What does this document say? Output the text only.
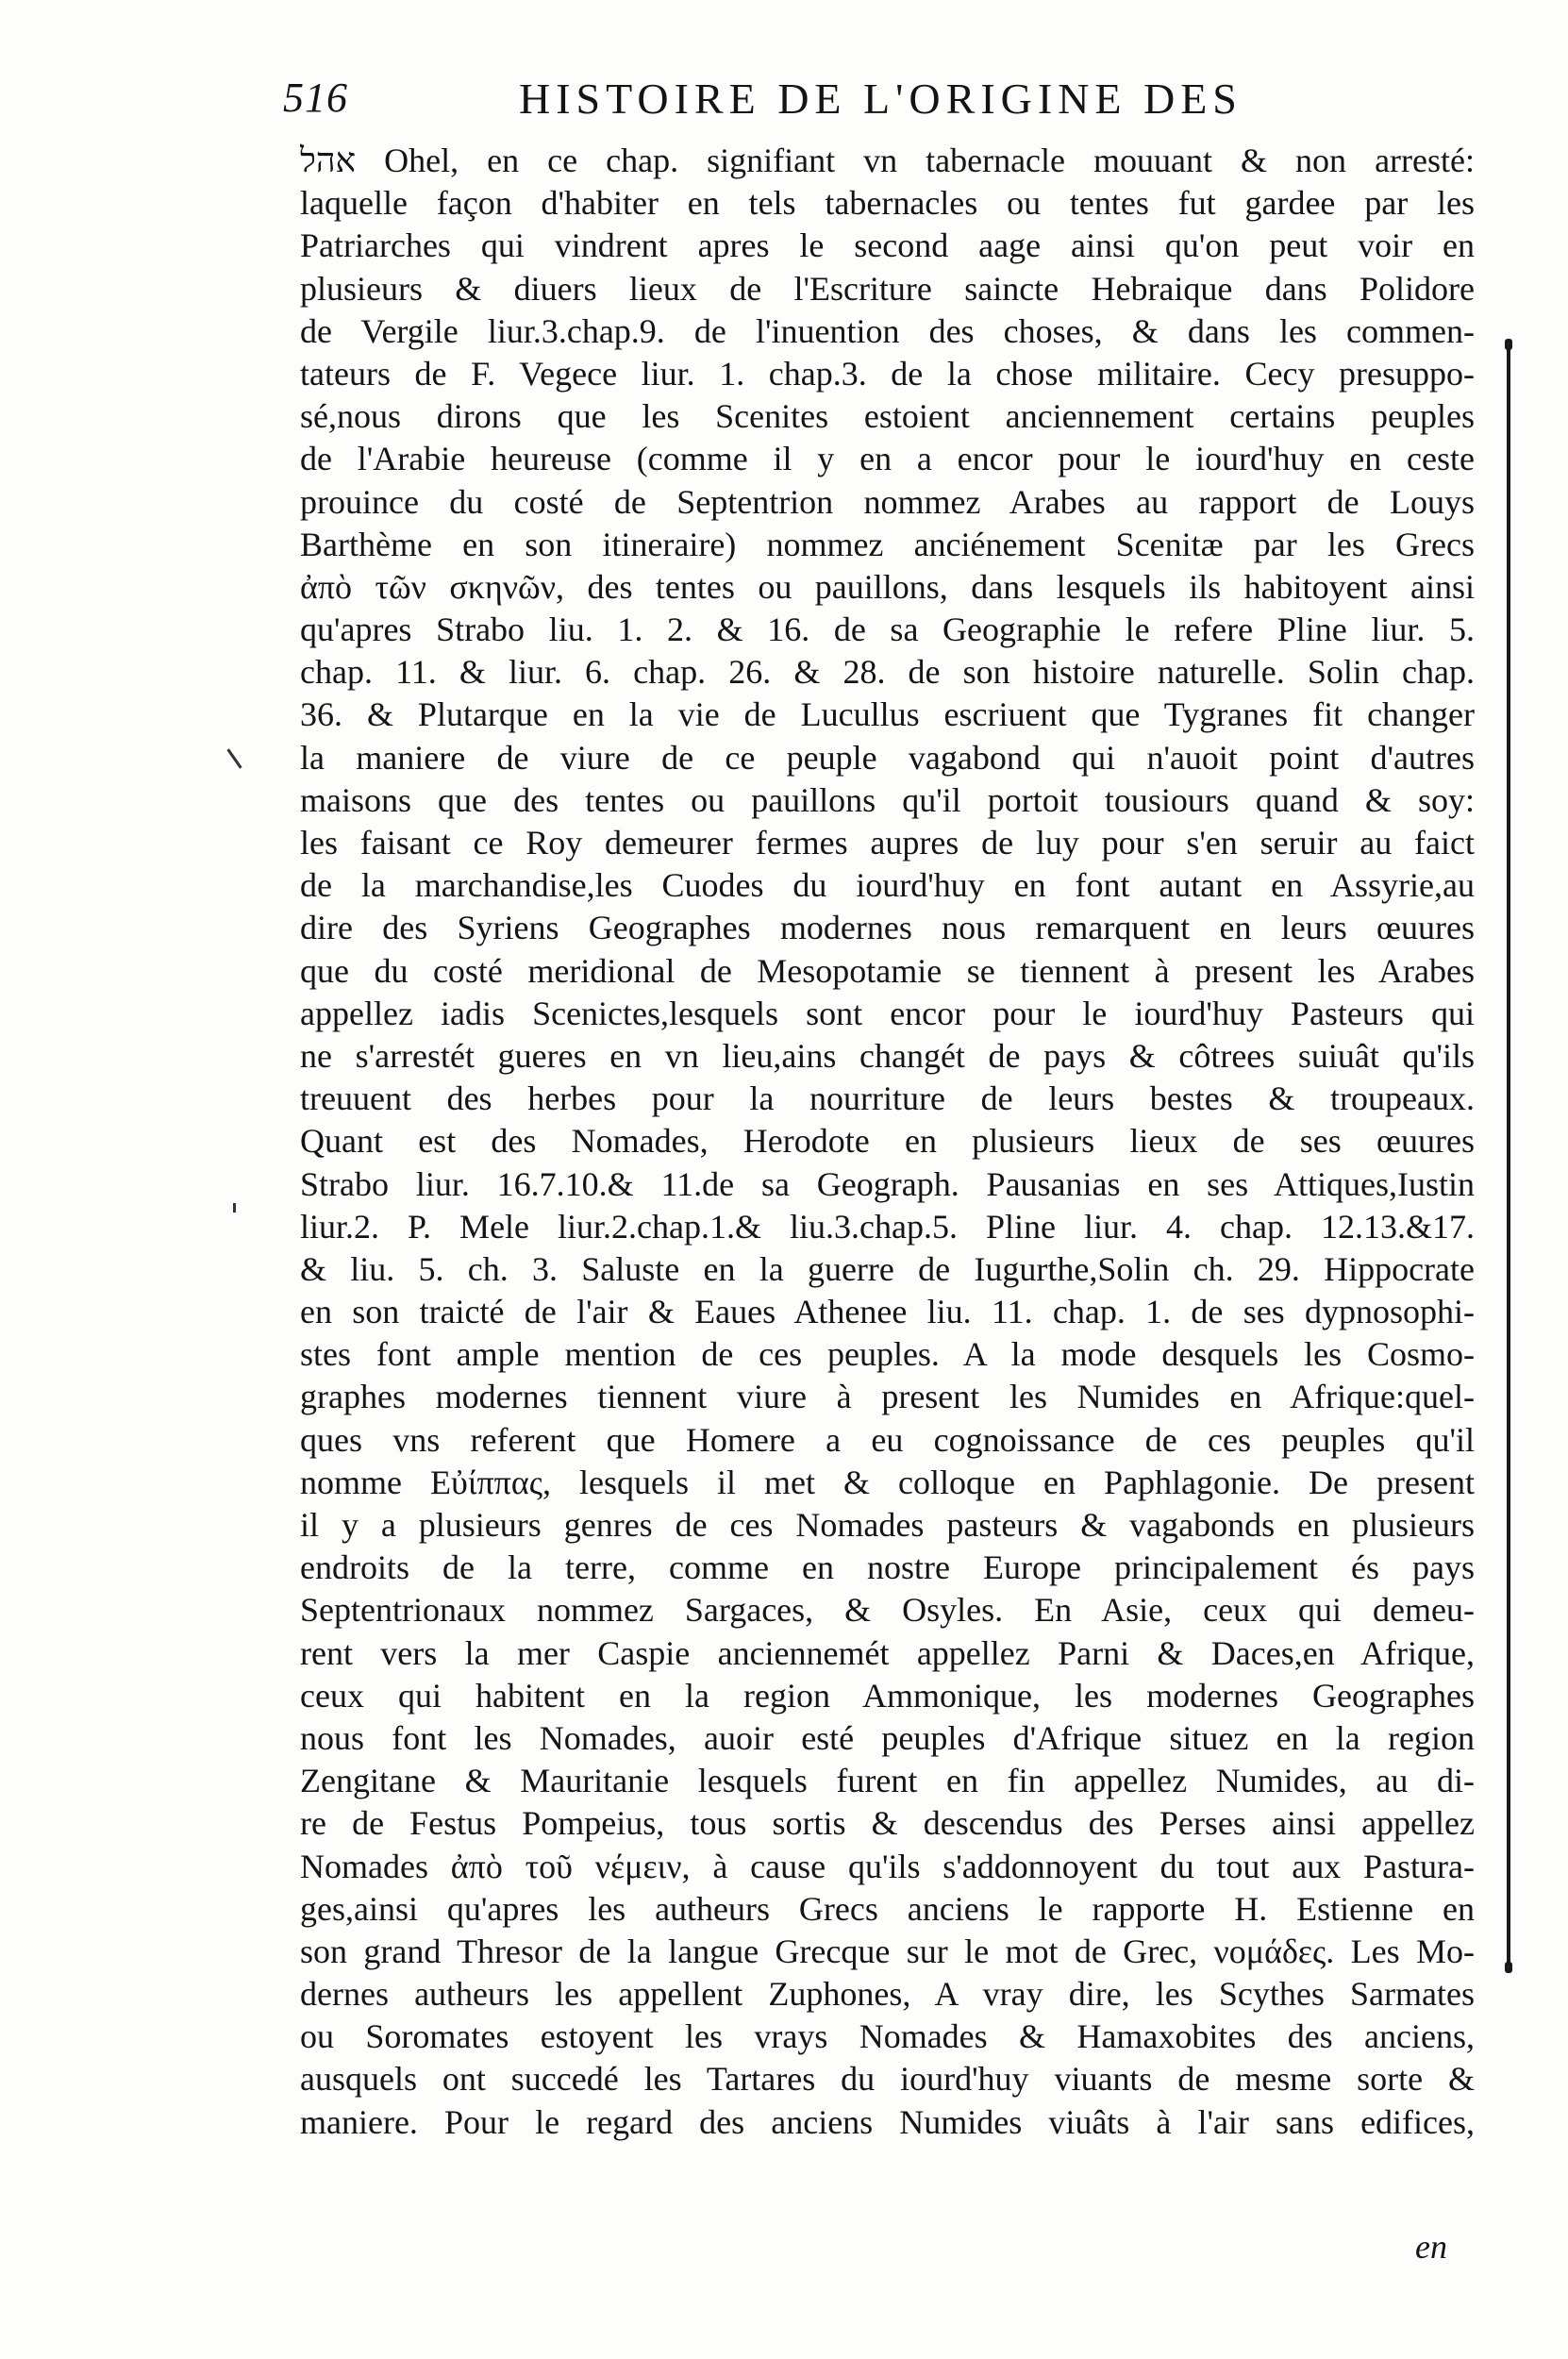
516	HISTOIRE DE L'ORIGINE DES
אהל Ohel, en ce chap. signifiant vn tabernacle mouuant & non arresté:
laquelle façon d'habiter en tels tabernacles ou tentes fut gardee par les
Patriarches qui vindrent apres le second aage ainsi qu'on peut voir en
plusieurs & diuers lieux de l'Escriture saincte Hebraique dans Polidore
de Vergile liur.3.chap.9. de l'inuention des choses, & dans les commen-
tateurs de F. Vegece liur. 1. chap.3. de la chose militaire. Cecy presuppo-
sé,nous dirons que les Scenites estoient anciennement certains peuples
de l'Arabie heureuse (comme il y en a encor pour le iourd'huy en ceste
prouince du costé de Septentrion nommez Arabes au rapport de Louys
Barthème en son itineraire) nommez anciénement Scenitæ par les Grecs
ἀπὸ τῶν σκηνῶν, des tentes ou pauillons, dans lesquels ils habitoyent ainsi
qu'apres Strabo liu. 1. 2. & 16. de sa Geographie le refere Pline liur. 5.
chap. 11. & liur. 6. chap. 26. & 28. de son histoire naturelle. Solin chap.
36. & Plutarque en la vie de Lucullus escriuent que Tygranes fit changer
la maniere de viure de ce peuple vagabond qui n'auoit point d'autres
maisons que des tentes ou pauillons qu'il portoit tousiours quand & soy:
les faisant ce Roy demeurer fermes aupres de luy pour s'en seruir au faict
de la marchandise,les Cuodes du iourd'huy en font autant en Assyrie,au
dire des Syriens Geographes modernes nous remarquent en leurs œuures
que du costé meridional de Mesopotamie se tiennent à present les Arabes
appellez iadis Scenictes,lesquels sont encor pour le iourd'huy Pasteurs qui
ne s'arrestét gueres en vn lieu,ains changét de pays & côtrees suiuât qu'ils
treuuent des herbes pour la nourriture de leurs bestes & troupeaux.
Quant est des Nomades, Herodote en plusieurs lieux de ses œuures
Strabo liur. 16.7.10.& 11.de sa Geograph. Pausanias en ses Attiques,Iustin
liur.2. P. Mele liur.2.chap.1.& liu.3.chap.5. Pline liur. 4. chap. 12.13.&17.
& liu. 5. ch. 3. Saluste en la guerre de Iugurthe,Solin ch. 29. Hippocrate
en son traicté de l'air & Eaues Athenee liu. 11. chap. 1. de ses dypnosophi-
stes font ample mention de ces peuples. A la mode desquels les Cosmo-
graphes modernes tiennent viure à present les Numides en Afrique:quel-
ques vns referent que Homere a eu cognoissance de ces peuples qu'il
nomme Εὐίππας, lesquels il met & colloque en Paphlagonie. De present
il y a plusieurs genres de ces Nomades pasteurs & vagabonds en plusieurs
endroits de la terre, comme en nostre Europe principalement és pays
Septentrionaux nommez Sargaces, & Osyles. En Asie, ceux qui demeu-
rent vers la mer Caspie anciennemét appellez Parni & Daces,en Afrique,
ceux qui habitent en la region Ammonique, les modernes Geographes
nous font les Nomades, auoir esté peuples d'Afrique situez en la region
Zengitane & Mauritanie lesquels furent en fin appellez Numides, au di-
re de Festus Pompeius, tous sortis & descendus des Perses ainsi appellez
Nomades ἀπὸ τοῦ νέμειν, à cause qu'ils s'addonnoyent du tout aux Pastura-
ges,ainsi qu'apres les autheurs Grecs anciens le rapporte H. Estienne en
son grand Thresor de la langue Grecque sur le mot de Grec, νομάδες. Les Mo-
dernes autheurs les appellent Zuphones, A vray dire, les Scythes Sarmates
ou Soromates estoyent les vrays Nomades & Hamaxobites des anciens,
ausquels ont succedé les Tartares du iourd'huy viuants de mesme sorte &
maniere. Pour le regard des anciens Numides viuâts à l'air sans edifices,
en
